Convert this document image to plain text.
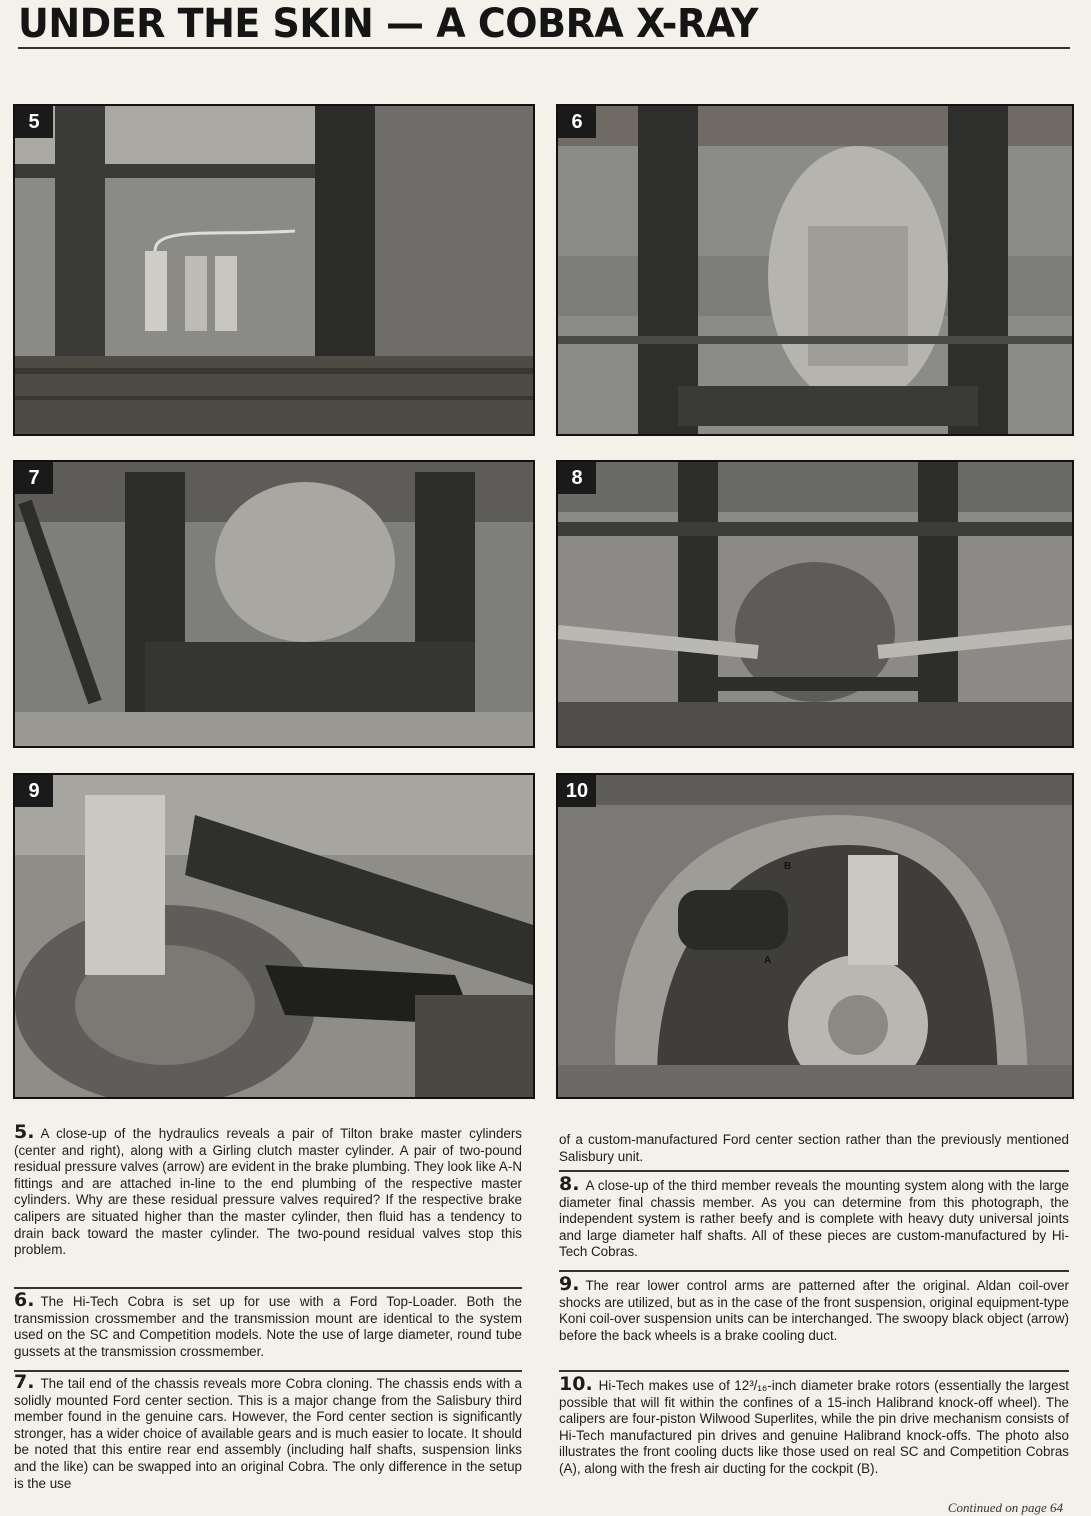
UNDER THE SKIN — A COBRA X-RAY
5	6
7	8
9	10
B
A
5. A close-up of the hydraulics reveals a pair of Tilton brake master cylinders (center and right), along with a Girling clutch master cylinder. A pair of two-pound residual pressure valves (arrow) are evident in the brake plumbing. They look like A-N fittings and are attached in-line to the end plumbing of the respective master cylinders. Why are these residual pressure valves required? If the respective brake calipers are situated higher than the master cylinder, then fluid has a tendency to drain back toward the master cylinder. The two-pound residual valves stop this problem.
6. The Hi-Tech Cobra is set up for use with a Ford Top-Loader. Both the transmission crossmember and the transmission mount are identical to the system used on the SC and Competition models. Note the use of large diameter, round tube gussets at the transmission crossmember.
7. The tail end of the chassis reveals more Cobra cloning. The chassis ends with a solidly mounted Ford center section. This is a major change from the Salisbury third member found in the genuine cars. However, the Ford center section is significantly stronger, has a wider choice of available gears and is much easier to locate. It should be noted that this entire rear end assembly (including half shafts, suspension links and the like) can be swapped into an original Cobra. The only difference in the setup is the use
of a custom-manufactured Ford center section rather than the previously mentioned Salisbury unit.
8. A close-up of the third member reveals the mounting system along with the large diameter final chassis member. As you can determine from this photograph, the independent system is rather beefy and is complete with heavy duty universal joints and large diameter half shafts. All of these pieces are custom-manufactured by Hi-Tech Cobras.
9. The rear lower control arms are patterned after the original. Aldan coil-over shocks are utilized, but as in the case of the front suspension, original equipment-type Koni coil-over suspension units can be interchanged. The swoopy black object (arrow) before the back wheels is a brake cooling duct.
10. Hi-Tech makes use of 12³/₁₆-inch diameter brake rotors (essentially the largest possible that will fit within the confines of a 15-inch Halibrand knock-off wheel). The calipers are four-piston Wilwood Superlites, while the pin drive mechanism consists of Hi-Tech manufactured pin drives and genuine Halibrand knock-offs. The photo also illustrates the front cooling ducts like those used on real SC and Competition Cobras (A), along with the fresh air ducting for the cockpit (B).
Continued on page 64
